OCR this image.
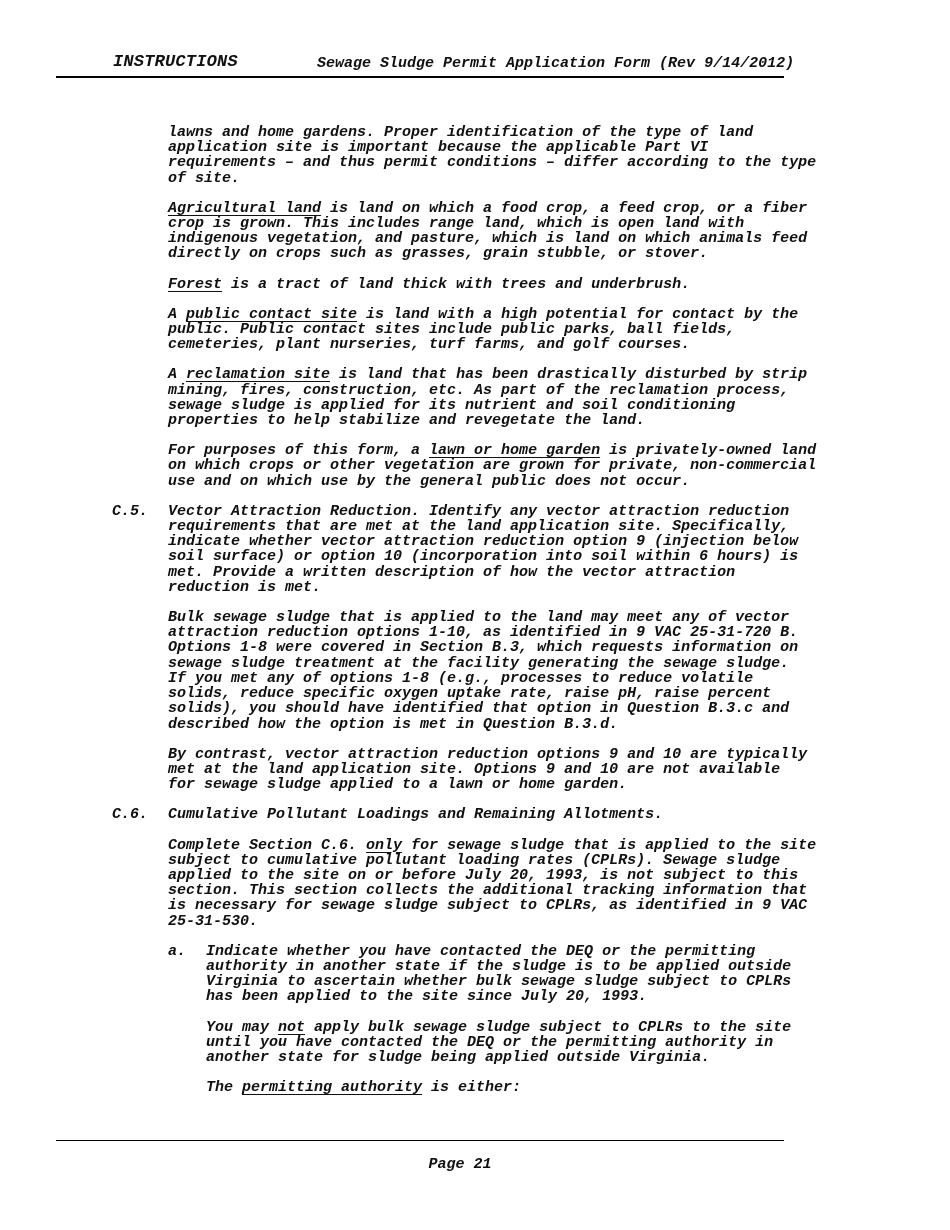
INSTRUCTIONS	Sewage Sludge Permit Application Form (Rev 9/14/2012)

lawns and home gardens. Proper identification of the type of land
application site is important because the applicable Part VI
requirements – and thus permit conditions – differ according to the type
of site.

Agricultural land is land on which a food crop, a feed crop, or a fiber
crop is grown. This includes range land, which is open land with
indigenous vegetation, and pasture, which is land on which animals feed
directly on crops such as grasses, grain stubble, or stover.

Forest is a tract of land thick with trees and underbrush.

A public contact site is land with a high potential for contact by the
public. Public contact sites include public parks, ball fields,
cemeteries, plant nurseries, turf farms, and golf courses.

A reclamation site is land that has been drastically disturbed by strip
mining, fires, construction, etc. As part of the reclamation process,
sewage sludge is applied for its nutrient and soil conditioning
properties to help stabilize and revegetate the land.

For purposes of this form, a lawn or home garden is privately-owned land
on which crops or other vegetation are grown for private, non-commercial
use and on which use by the general public does not occur.

C.5. Vector Attraction Reduction. Identify any vector attraction reduction
requirements that are met at the land application site. Specifically,
indicate whether vector attraction reduction option 9 (injection below
soil surface) or option 10 (incorporation into soil within 6 hours) is
met. Provide a written description of how the vector attraction
reduction is met.

Bulk sewage sludge that is applied to the land may meet any of vector
attraction reduction options 1-10, as identified in 9 VAC 25-31-720 B.
Options 1-8 were covered in Section B.3, which requests information on
sewage sludge treatment at the facility generating the sewage sludge.
If you met any of options 1-8 (e.g., processes to reduce volatile
solids, reduce specific oxygen uptake rate, raise pH, raise percent
solids), you should have identified that option in Question B.3.c and
described how the option is met in Question B.3.d.

By contrast, vector attraction reduction options 9 and 10 are typically
met at the land application site. Options 9 and 10 are not available
for sewage sludge applied to a lawn or home garden.

C.6. Cumulative Pollutant Loadings and Remaining Allotments.

Complete Section C.6. only for sewage sludge that is applied to the site
subject to cumulative pollutant loading rates (CPLRs). Sewage sludge
applied to the site on or before July 20, 1993, is not subject to this
section. This section collects the additional tracking information that
is necessary for sewage sludge subject to CPLRs, as identified in 9 VAC
25-31-530.

a. Indicate whether you have contacted the DEQ or the permitting
authority in another state if the sludge is to be applied outside
Virginia to ascertain whether bulk sewage sludge subject to CPLRs
has been applied to the site since July 20, 1993.

You may not apply bulk sewage sludge subject to CPLRs to the site
until you have contacted the DEQ or the permitting authority in
another state for sludge being applied outside Virginia.

The permitting authority is either:

Page 21
